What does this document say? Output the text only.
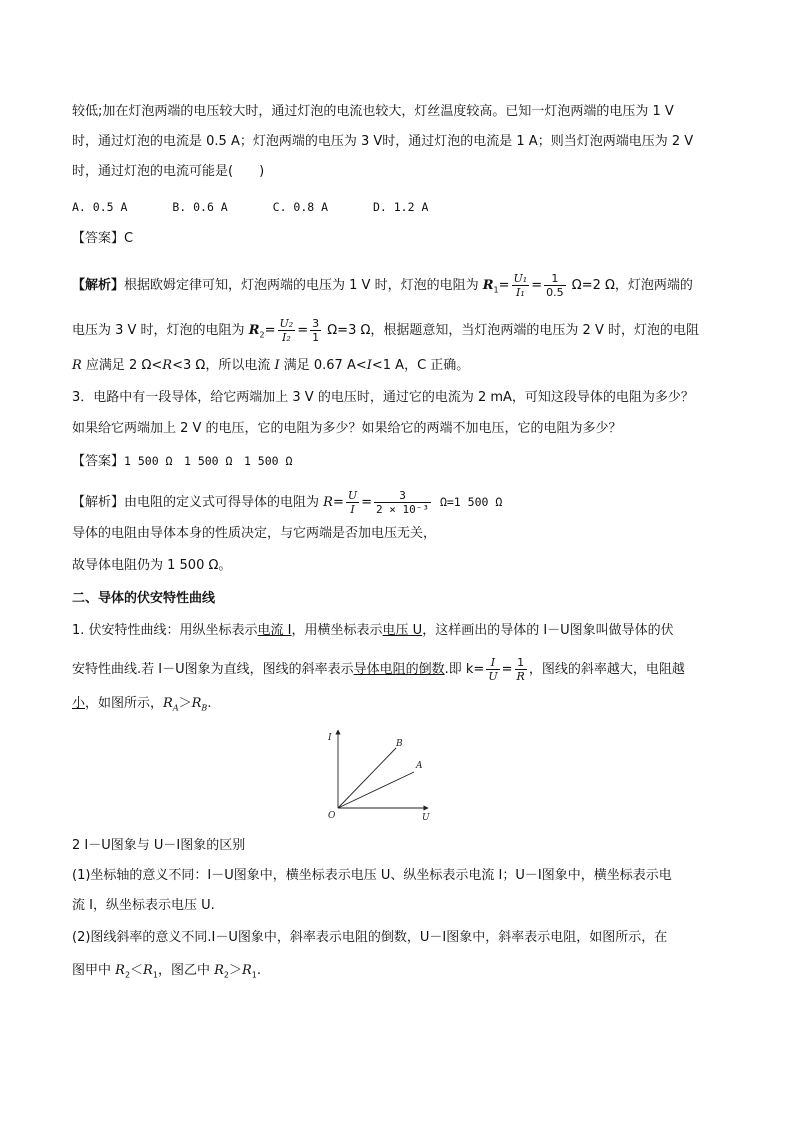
较低;加在灯泡两端的电压较大时，通过灯泡的电流也较大，灯丝温度较高。已知一灯泡两端的电压为 1 V
时，通过灯泡的电流是 0.5 A；灯泡两端的电压为 3 V时，通过灯泡的电流是 1 A；则当灯泡两端电压为 2 V
时，通过灯泡的电流可能是(　　)
A. 0.5 A	B. 0.6 A	C. 0.8 A	D. 1.2 A
【答案】C
【解析】根据欧姆定律可知，灯泡两端的电压为 1 V 时，灯泡的电阻为 $R_1= \frac{\text{U₁}}{\text{I₁}} = \frac{1}{0.5} \Omega=2$ Ω，灯泡两端的
电压为 3 V 时，灯泡的电阻为 $R_2= \frac{\text{U₂}}{\text{I₂}} = \frac{3}{1} \Omega=3$ Ω，根据题意知，当灯泡两端的电压为 2 V 时，灯泡的电阻
R 应满足 2 Ω<R<3 Ω，所以电流 I 满足 0.67 A<I<1 A，C 正确。
3．电路中有一段导体，给它两端加上 3 V 的电压时，通过它的电流为 2 mA，可知这段导体的电阻为多少？
如果给它两端加上 2 V 的电压，它的电阻为多少？如果给它的两端不加电压，它的电阻为多少？
【答案】1 500 Ω　1 500 Ω　1 500 Ω
【解析】由电阻的定义式可得导体的电阻为 $R= \frac{U}{I} = \frac{3}{\text{2 × 10⁻³}} \Omega=1$ 500 Ω
导体的电阻由导体本身的性质决定，与它两端是否加电压无关，
故导体电阻仍为 1 500 Ω。
二、导体的伏安特性曲线
1. 伏安特性曲线：用纵坐标表示电流 I，用横坐标表示电压 U，这样画出的导体的 I－U图象叫做导体的伏
安特性曲线.若 I－U图象为直线，图线的斜率表示导体电阻的倒数.即 $k= \frac{I}{U} = \frac{1}{R}$ ，图线的斜率越大，电阻越
小，如图所示，$R_A>R_B$.
I
U
O
B
A
2 I－U图象与 U－I图象的区别
(1)坐标轴的意义不同：I－U图象中，横坐标表示电压 U、纵坐标表示电流 I；U－I图象中，横坐标表示电
流 I，纵坐标表示电压 U.
(2)图线斜率的意义不同.I－U图象中，斜率表示电阻的倒数，U－I图象中，斜率表示电阻，如图所示，在
图甲中 $R_2<R_1$，图乙中 $R_2>R_1$.
